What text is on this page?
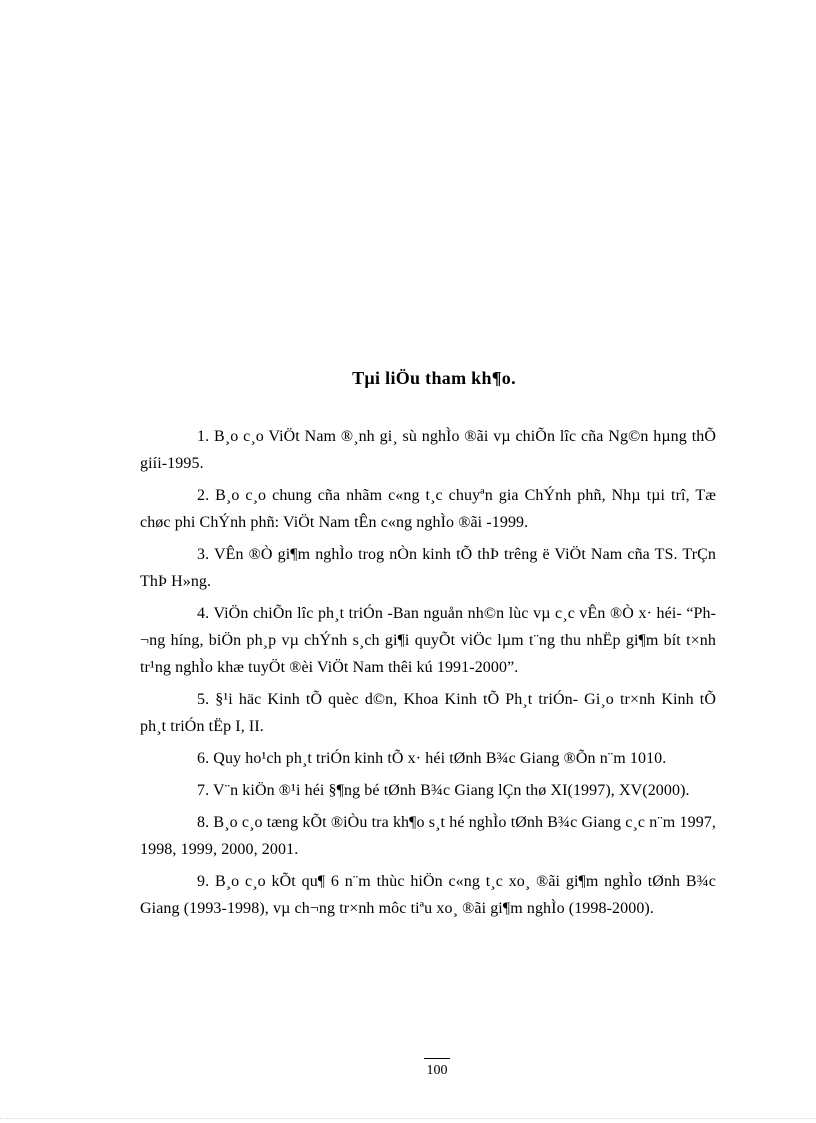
Tµi liÖu tham kh¶o.
1. B¸o c¸o ViÖt Nam ®¸nh gi¸ sù nghÌo ®ãi vµ chiÕn lîc cña Ng©n hµng thÕ giíi-1995.
2. B¸o c¸o chung cña nhãm c«ng t¸c chuyªn gia ChÝnh phñ, Nhµ tµi trî, Tæ chøc phi ChÝnh phñ: ViÖt Nam tÊn c«ng nghÌo ®ãi -1999.
3. VÊn ®Ò gi¶m nghÌo trog nÒn kinh tÕ thÞ trêng ë ViÖt Nam cña TS. TrÇn ThÞ H»ng.
4. ViÖn chiÕn lîc ph¸t triÓn -Ban nguån nh©n lùc vµ c¸c vÊn ®Ò x· héi- “Ph¬ng híng, biÖn ph¸p vµ chÝnh s¸ch gi¶i quyÕt viÖc lµm t¨ng thu nhËp gi¶m bít t×nh tr¹ng nghÌo khæ tuyÖt ®èi ViÖt Nam thêi kú 1991-2000”.
5. §¹i häc Kinh tÕ quèc d©n, Khoa Kinh tÕ Ph¸t triÓn- Gi¸o tr×nh Kinh tÕ ph¸t triÓn tËp I, II.
6. Quy ho¹ch ph¸t triÓn kinh tÕ x· héi tØnh B¾c Giang ®Õn n¨m 1010.
7. V¨n kiÖn ®¹i héi §¶ng bé tØnh B¾c Giang lÇn thø XI(1997), XV(2000).
8. B¸o c¸o tæng kÕt ®iÒu tra kh¶o s¸t hé nghÌo tØnh B¾c Giang c¸c n¨m 1997, 1998, 1999, 2000, 2001.
9. B¸o c¸o kÕt qu¶ 6 n¨m thùc hiÖn c«ng t¸c xo¸ ®ãi gi¶m nghÌo tØnh B¾c Giang (1993-1998), vµ ch¬ng tr×nh môc tiªu xo¸ ®ãi gi¶m nghÌo (1998-2000).
100
